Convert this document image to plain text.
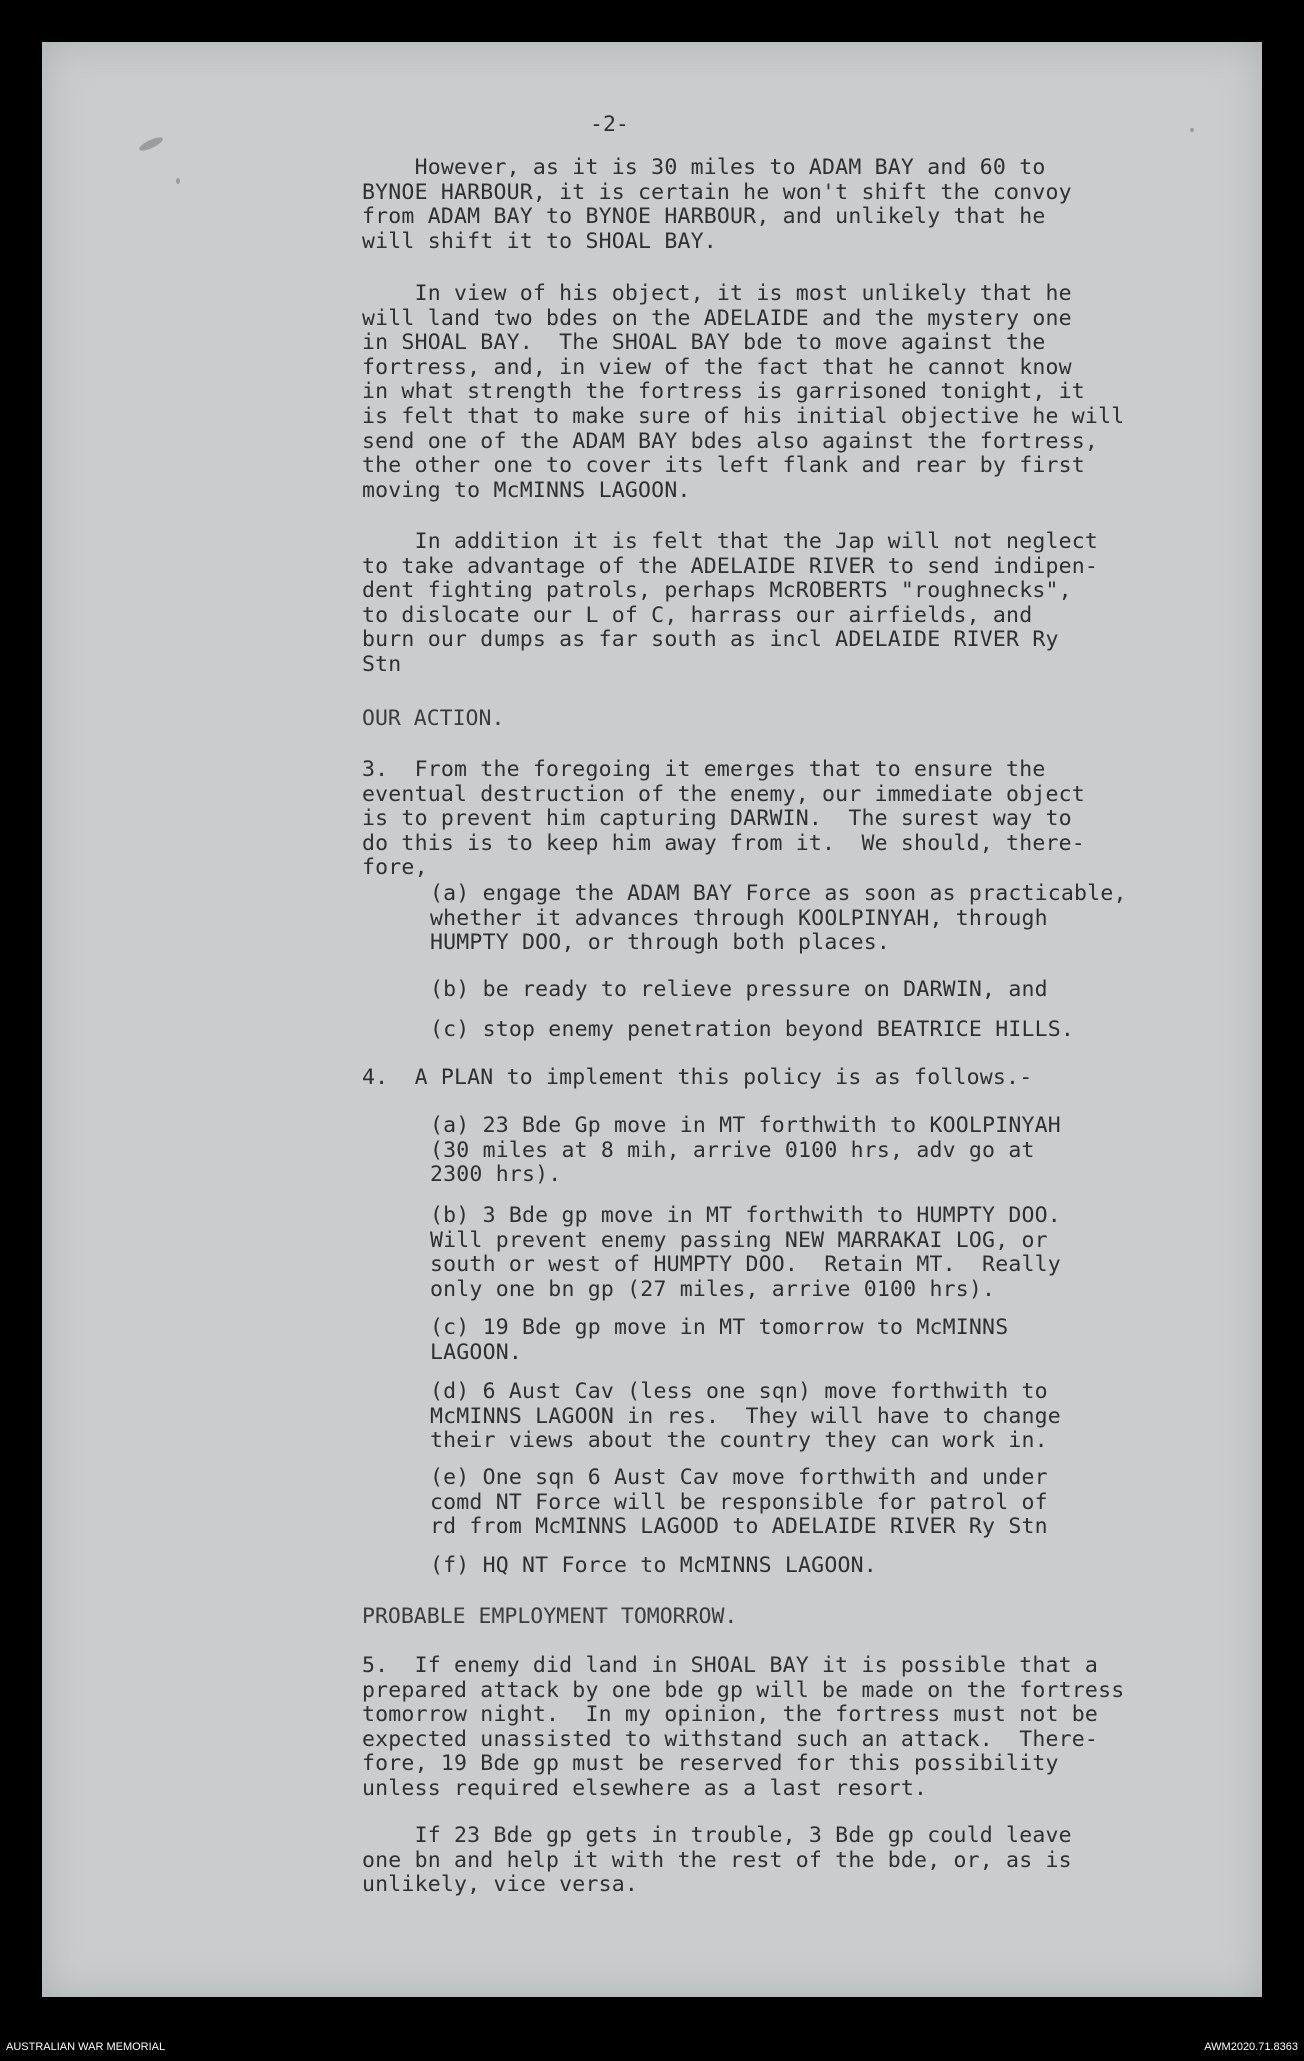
-2-
However, as it is 30 miles to ADAM BAY and 60 to
BYNOE HARBOUR, it is certain he won't shift the convoy
from ADAM BAY to BYNOE HARBOUR, and unlikely that he
will shift it to SHOAL BAY.
In view of his object, it is most unlikely that he
will land two bdes on the ADELAIDE and the mystery one
in SHOAL BAY.  The SHOAL BAY bde to move against the
fortress, and, in view of the fact that he cannot know
in what strength the fortress is garrisoned tonight, it
is felt that to make sure of his initial objective he will
send one of the ADAM BAY bdes also against the fortress,
the other one to cover its left flank and rear by first
moving to McMINNS LAGOON.
In addition it is felt that the Jap will not neglect
to take advantage of the ADELAIDE RIVER to send indipen-
dent fighting patrols, perhaps McROBERTS "roughnecks",
to dislocate our L of C, harrass our airfields, and
burn our dumps as far south as incl ADELAIDE RIVER Ry
Stn
OUR ACTION.
3.  From the foregoing it emerges that to ensure the
eventual destruction of the enemy, our immediate object
is to prevent him capturing DARWIN.  The surest way to
do this is to keep him away from it.  We should, there-
fore,
(a) engage the ADAM BAY Force as soon as practicable,
whether it advances through KOOLPINYAH, through
HUMPTY DOO, or through both places.
(b) be ready to relieve pressure on DARWIN, and
(c) stop enemy penetration beyond BEATRICE HILLS.
4.  A PLAN to implement this policy is as follows.-
(a) 23 Bde Gp move in MT forthwith to KOOLPINYAH
(30 miles at 8 mih, arrive 0100 hrs, adv go at
2300 hrs).
(b) 3 Bde gp move in MT forthwith to HUMPTY DOO.
Will prevent enemy passing NEW MARRAKAI LOG, or
south or west of HUMPTY DOO.  Retain MT.  Really
only one bn gp (27 miles, arrive 0100 hrs).
(c) 19 Bde gp move in MT tomorrow to McMINNS
LAGOON.
(d) 6 Aust Cav (less one sqn) move forthwith to
McMINNS LAGOON in res.  They will have to change
their views about the country they can work in.
(e) One sqn 6 Aust Cav move forthwith and under
comd NT Force will be responsible for patrol of
rd from McMINNS LAGOOD to ADELAIDE RIVER Ry Stn
(f) HQ NT Force to McMINNS LAGOON.
PROBABLE EMPLOYMENT TOMORROW.
5.  If enemy did land in SHOAL BAY it is possible that a
prepared attack by one bde gp will be made on the fortress
tomorrow night.  In my opinion, the fortress must not be
expected unassisted to withstand such an attack.  There-
fore, 19 Bde gp must be reserved for this possibility
unless required elsewhere as a last resort.
If 23 Bde gp gets in trouble, 3 Bde gp could leave
one bn and help it with the rest of the bde, or, as is
unlikely, vice versa.
AUSTRALIAN WAR MEMORIAL	AWM2020.71.8363
